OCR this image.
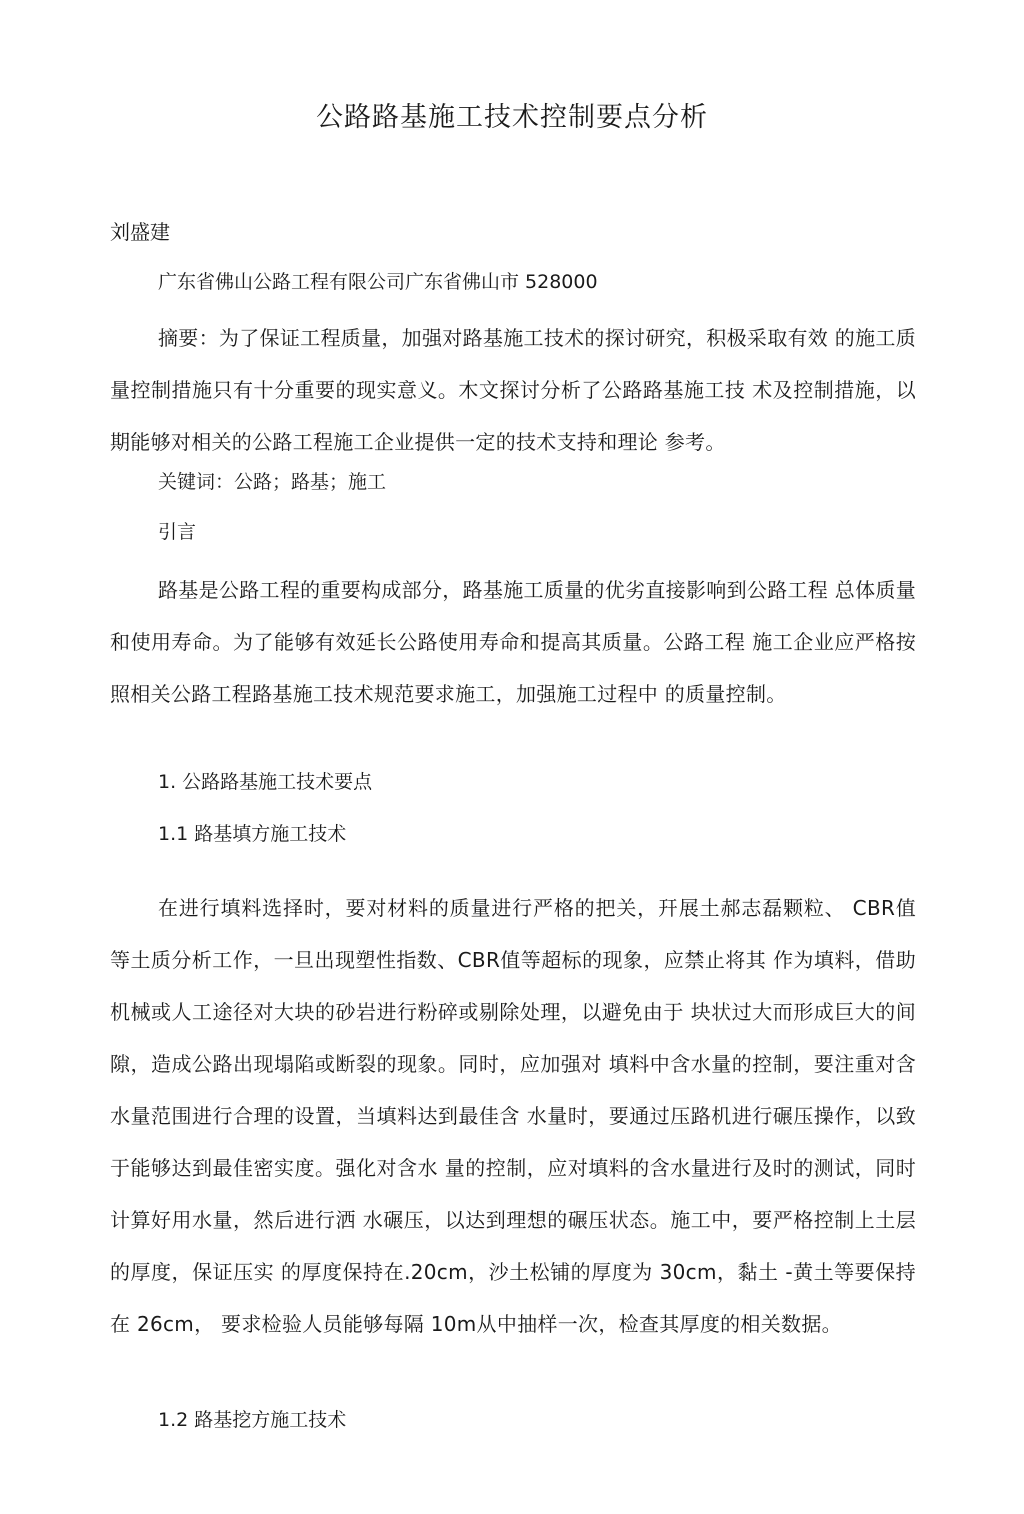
公路路基施工技术控制要点分析

刘盛建

广东省佛山公路工程有限公司广东省佛山市 528000

摘要：为了保证工程质量，加强对路基施工技术的探讨研究，积极采取有效 的施工质量控制措施只有十分重要的现实意义。木文探讨分析了公路路基施工技 术及控制措施，以期能够对相关的公路工程施工企业提供一定的技术支持和理论 参考。

关键词：公路；路基；施工

引言

路基是公路工程的重要构成部分，路基施工质量的优劣直接影响到公路工程 总体质量和使用寿命。为了能够有效延长公路使用寿命和提高其质量。公路工程 施工企业应严格按照相关公路工程路基施工技术规范要求施工，加强施工过程中 的质量控制。

1. 公路路基施工技术要点

1.1 路基填方施工技术

在进行填料选择时，要对材料的质量进行严格的把关，幵展土郝志磊颗粒、 CBR值等土质分析工作，一旦出现塑性指数、CBR值等超标的现象，应禁止将其 作为填料，借助机械或人工途径对大块的砂岩进行粉碎或剔除处理，以避免由于 块状过大而形成巨大的间隙，造成公路出现塌陷或断裂的现象。同时，应加强对 填料中含水量的控制，要注重对含水量范围进行合理的设置，当填料达到最佳含 水量时，要通过压路机进行碾压操作，以致于能够达到最佳密实度。强化对含水 量的控制，应对填料的含水量进行及时的测试，同时计算好用水量，然后进行洒 水碾压，以达到理想的碾压状态。施工中，要严格控制上土层的厚度，保证压实 的厚度保持在.20cm，沙土松铺的厚度为 30cm，黏土 -黄土等要保持在 26cm， 要求检验人员能够每隔 10m从中抽样一次，检查其厚度的相关数据。

1.2 路基挖方施工技术
